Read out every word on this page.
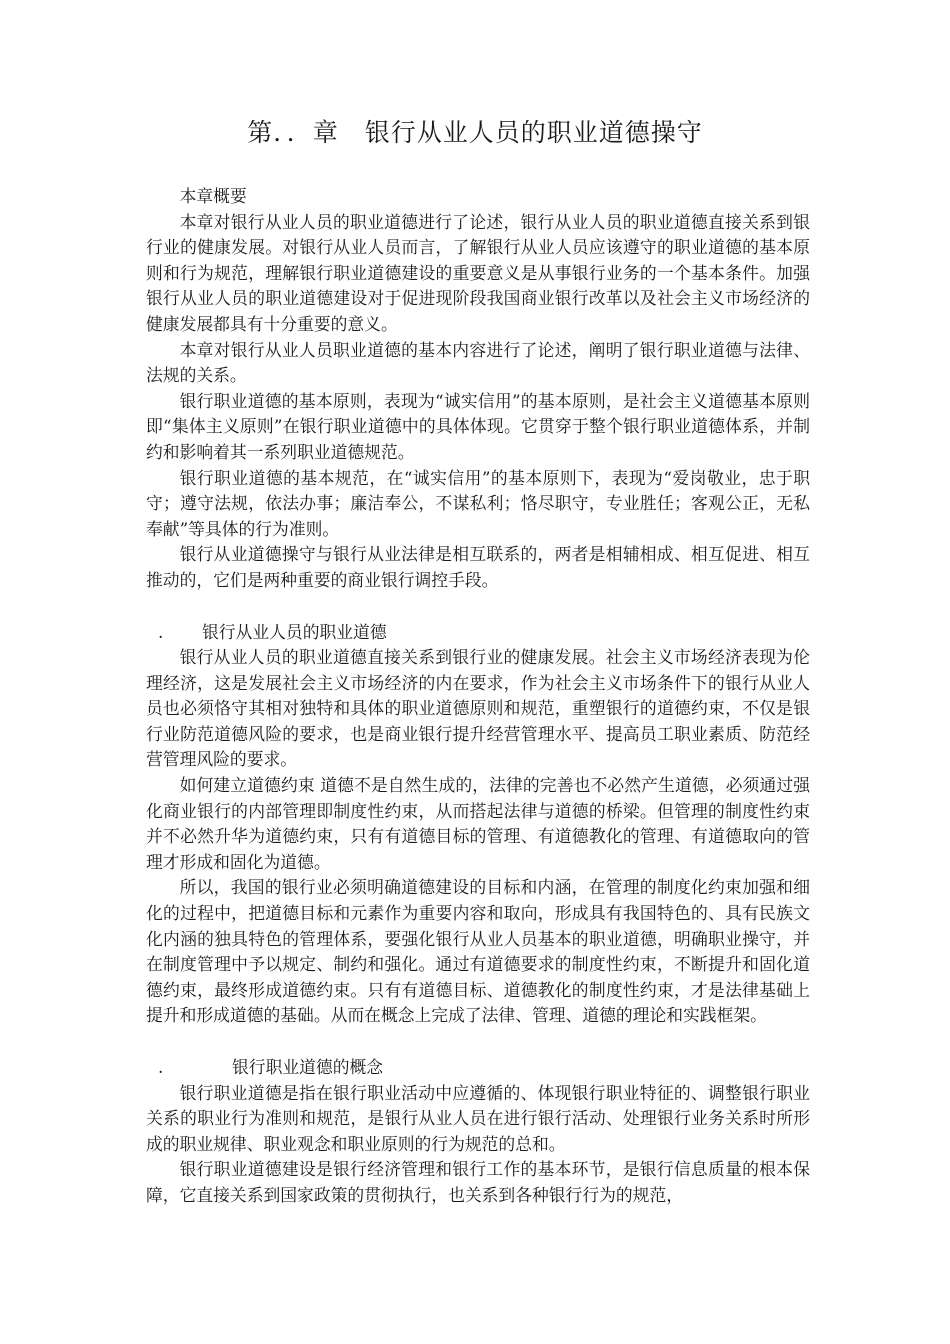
第．．章　银行从业人员的职业道德操守

本章概要

本章对银行从业人员的职业道德进行了论述，银行从业人员的职业道德直接关系到银行业的健康发展。对银行从业人员而言，了解银行从业人员应该遵守的职业道德的基本原则和行为规范，理解银行职业道德建设的重要意义是从事银行业务的一个基本条件。加强银行从业人员的职业道德建设对于促进现阶段我国商业银行改革以及社会主义市场经济的健康发展都具有十分重要的意义。

本章对银行从业人员职业道德的基本内容进行了论述，阐明了银行职业道德与法律、法规的关系。

银行职业道德的基本原则，表现为“诚实信用”的基本原则，是社会主义道德基本原则即“集体主义原则”在银行职业道德中的具体体现。它贯穿于整个银行职业道德体系，并制约和影响着其一系列职业道德规范。

银行职业道德的基本规范，在“诚实信用”的基本原则下，表现为“爱岗敬业，忠于职守；遵守法规，依法办事；廉洁奉公，不谋私利；恪尽职守，专业胜任；客观公正，无私奉献”等具体的行为准则。

银行从业道德操守与银行从业法律是相互联系的，两者是相辅相成、相互促进、相互推动的，它们是两种重要的商业银行调控手段。

. 银行从业人员的职业道德

银行从业人员的职业道德直接关系到银行业的健康发展。社会主义市场经济表现为伦理经济，这是发展社会主义市场经济的内在要求，作为社会主义市场条件下的银行从业人员也必须恪守其相对独特和具体的职业道德原则和规范，重塑银行的道德约束，不仅是银行业防范道德风险的要求，也是商业银行提升经营管理水平、提高员工职业素质、防范经营管理风险的要求。

如何建立道德约束 道德不是自然生成的，法律的完善也不必然产生道德，必须通过强化商业银行的内部管理即制度性约束，从而搭起法律与道德的桥梁。但管理的制度性约束并不必然升华为道德约束，只有有道德目标的管理、有道德教化的管理、有道德取向的管理才形成和固化为道德。

所以，我国的银行业必须明确道德建设的目标和内涵，在管理的制度化约束加强和细化的过程中，把道德目标和元素作为重要内容和取向，形成具有我国特色的、具有民族文化内涵的独具特色的管理体系，要强化银行从业人员基本的职业道德，明确职业操守，并在制度管理中予以规定、制约和强化。通过有道德要求的制度性约束，不断提升和固化道德约束，最终形成道德约束。只有有道德目标、道德教化的制度性约束，才是法律基础上提升和形成道德的基础。从而在概念上完成了法律、管理、道德的理论和实践框架。

.	银行职业道德的概念

银行职业道德是指在银行职业活动中应遵循的、体现银行职业特征的、调整银行职业关系的职业行为准则和规范，是银行从业人员在进行银行活动、处理银行业务关系时所形成的职业规律、职业观念和职业原则的行为规范的总和。

银行职业道德建设是银行经济管理和银行工作的基本环节，是银行信息质量的根本保障，它直接关系到国家政策的贯彻执行，也关系到各种银行行为的规范，
